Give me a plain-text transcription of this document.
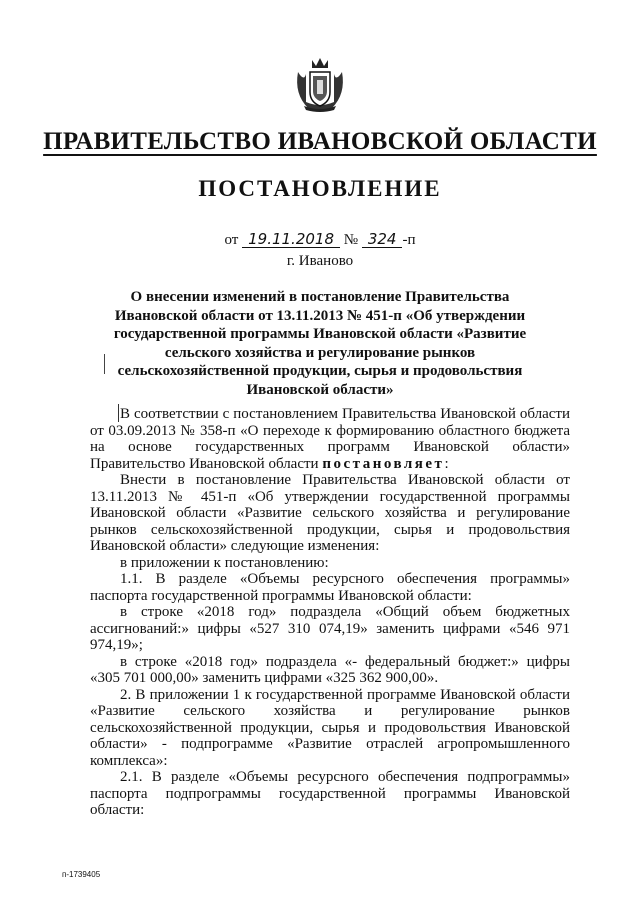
ПРАВИТЕЛЬСТВО ИВАНОВСКОЙ ОБЛАСТИ
ПОСТАНОВЛЕНИЕ
от 19.11.2018 № 324 -п
г. Иваново
О внесении изменений в постановление Правительства Ивановской области от 13.11.2013 № 451-п «Об утверждении государственной программы Ивановской области «Развитие сельского хозяйства и регулирование рынков сельскохозяйственной продукции, сырья и продовольствия Ивановской области»

В соответствии с постановлением Правительства Ивановской области от 03.09.2013 № 358-п «О переходе к формированию областного бюджета на основе государственных программ Ивановской области» Правительство Ивановской области постановляет:

Внести в постановление Правительства Ивановской области от 13.11.2013 № 451-п «Об утверждении государственной программы Ивановской области «Развитие сельского хозяйства и регулирование рынков сельскохозяйственной продукции, сырья и продовольствия Ивановской области» следующие изменения:

в приложении к постановлению:

1.1. В разделе «Объемы ресурсного обеспечения программы» паспорта государственной программы Ивановской области:

в строке «2018 год» подраздела «Общий объем бюджетных ассигнований:» цифры «527 310 074,19» заменить цифрами «546 971 974,19»;

в строке «2018 год» подраздела «- федеральный бюджет:» цифры «305 701 000,00» заменить цифрами «325 362 900,00».

2. В приложении 1 к государственной программе Ивановской области «Развитие сельского хозяйства и регулирование рынков сельскохозяйственной продукции, сырья и продовольствия Ивановской области» - подпрограмме «Развитие отраслей агропромышленного комплекса»:

2.1. В разделе «Объемы ресурсного обеспечения подпрограммы» паспорта подпрограммы государственной программы Ивановской области:

п-1739405
